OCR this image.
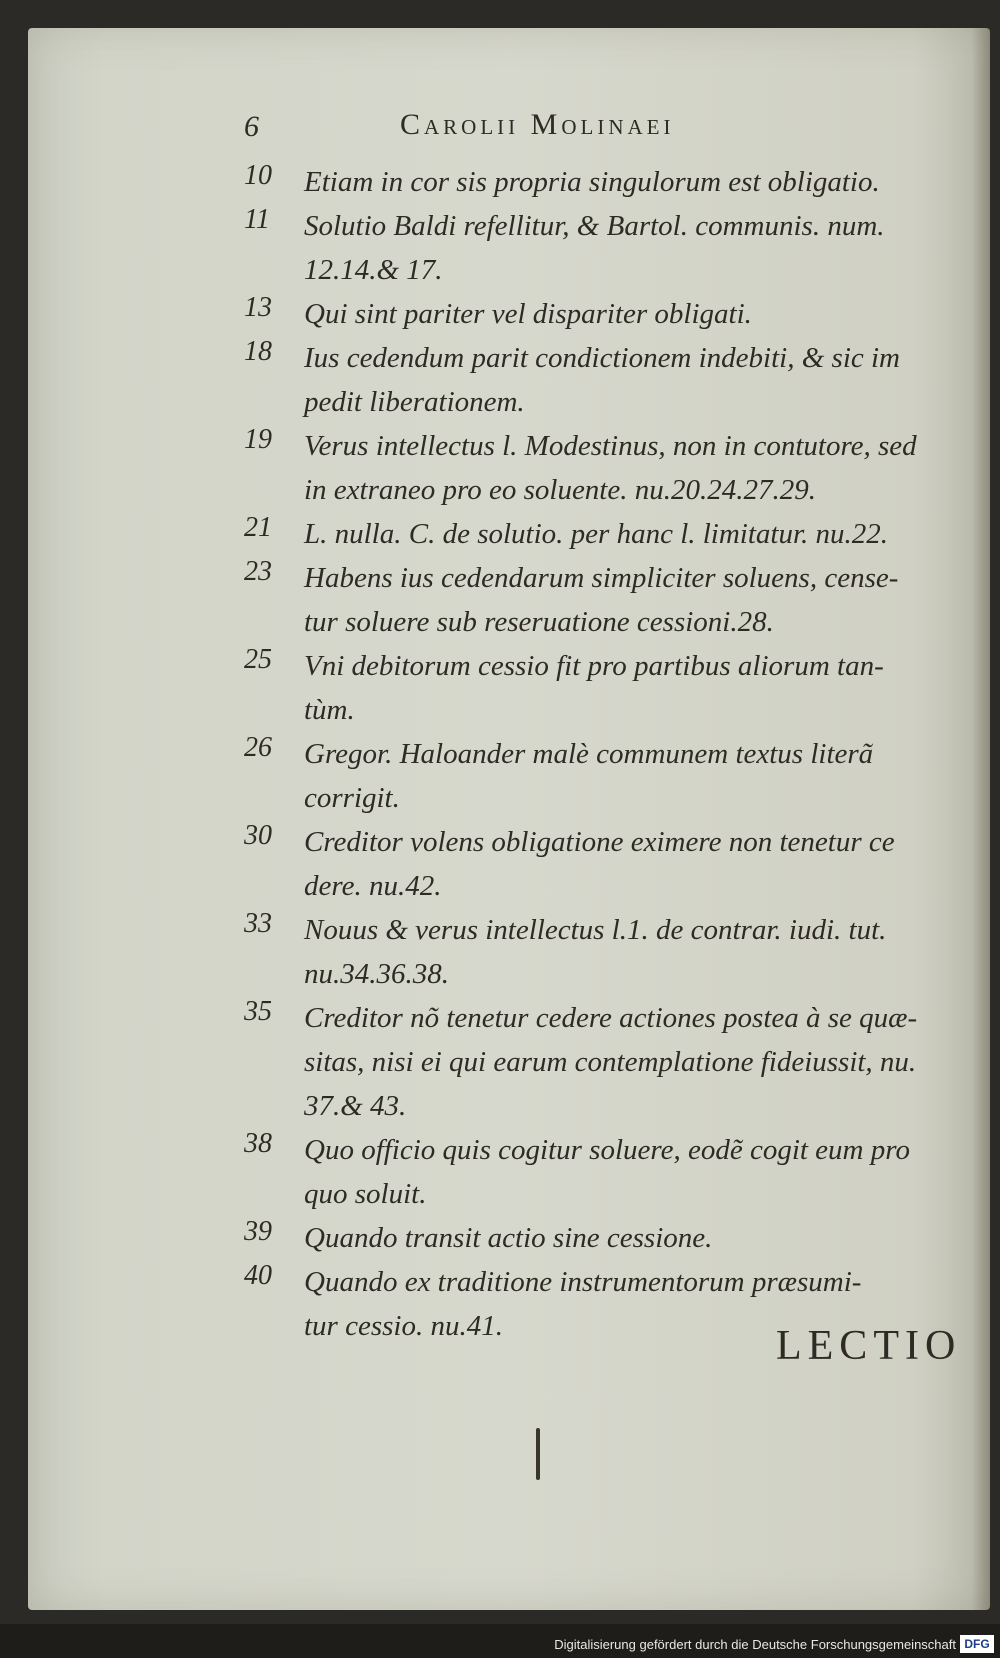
6	Carolii Molinaei
10	Etiam in cor sis propria singulorum est obligatio.
11	Solutio Baldi refellitur, & Bartol. communis. num.
12.14.& 17.
13	Qui sint pariter vel dispariter obligati.
18	Ius cedendum parit condictionem indebiti, & sic im
pedit liberationem.
19	Verus intellectus l. Modestinus, non in contutore, sed
in extraneo pro eo soluente. nu.20.24.27.29.
21	L. nulla. C. de solutio. per hanc l. limitatur. nu.22.
23	Habens ius cedendarum simpliciter soluens, cense-
tur soluere sub reseruatione cessioni.28.
25	Vni debitorum cessio fit pro partibus aliorum tan-
tùm.
26	Gregor. Haloander malè communem textus literã
corrigit.
30	Creditor volens obligatione eximere non tenetur ce
dere. nu.42.
33	Nouus & verus intellectus l.1. de contrar. iudi. tut.
nu.34.36.38.
35	Creditor nõ tenetur cedere actiones postea à se quæ-
sitas, nisi ei qui earum contemplatione fideiussit, nu.
37.& 43.
38	Quo officio quis cogitur soluere, eodẽ cogit eum pro
quo soluit.
39	Quando transit actio sine cessione.
40	Quando ex traditione instrumentorum præsumi-
tur cessio. nu.41.	LECTIO
Digitalisierung gefördert durch die Deutsche Forschungsgemeinschaft DFG
